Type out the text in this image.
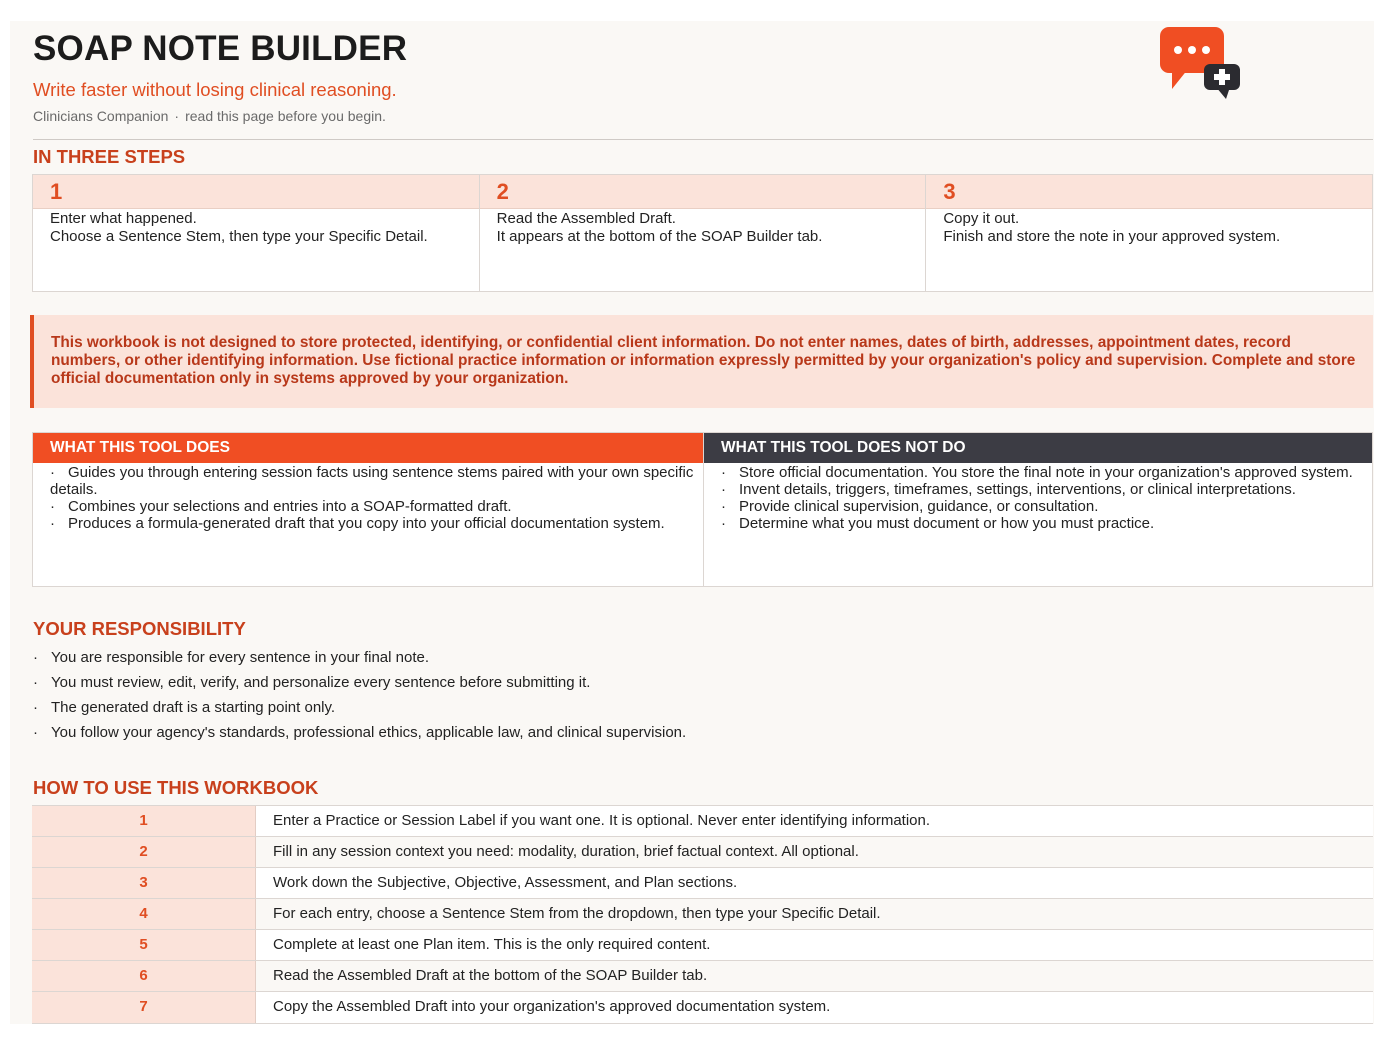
SOAP NOTE BUILDER
Write faster without losing clinical reasoning.
Clinicians Companion · read this page before you begin.
IN THREE STEPS
1
Enter what happened.
Choose a Sentence Stem, then type your Specific Detail.
2
Read the Assembled Draft.
It appears at the bottom of the SOAP Builder tab.
3
Copy it out.
Finish and store the note in your approved system.
This workbook is not designed to store protected, identifying, or confidential client information. Do not enter names, dates of birth, addresses, appointment dates, record numbers, or other identifying information. Use fictional practice information or information expressly permitted by your organization's policy and supervision. Complete and store official documentation only in systems approved by your organization.
WHAT THIS TOOL DOES
· Guides you through entering session facts using sentence stems paired with your own specific details.
· Combines your selections and entries into a SOAP-formatted draft.
· Produces a formula-generated draft that you copy into your official documentation system.
WHAT THIS TOOL DOES NOT DO
· Store official documentation. You store the final note in your organization's approved system.
· Invent details, triggers, timeframes, settings, interventions, or clinical interpretations.
· Provide clinical supervision, guidance, or consultation.
· Determine what you must document or how you must practice.
YOUR RESPONSIBILITY
· You are responsible for every sentence in your final note.
· You must review, edit, verify, and personalize every sentence before submitting it.
· The generated draft is a starting point only.
· You follow your agency's standards, professional ethics, applicable law, and clinical supervision.
HOW TO USE THIS WORKBOOK
1	Enter a Practice or Session Label if you want one. It is optional. Never enter identifying information.
2	Fill in any session context you need: modality, duration, brief factual context. All optional.
3	Work down the Subjective, Objective, Assessment, and Plan sections.
4	For each entry, choose a Sentence Stem from the dropdown, then type your Specific Detail.
5	Complete at least one Plan item. This is the only required content.
6	Read the Assembled Draft at the bottom of the SOAP Builder tab.
7	Copy the Assembled Draft into your organization's approved documentation system.
